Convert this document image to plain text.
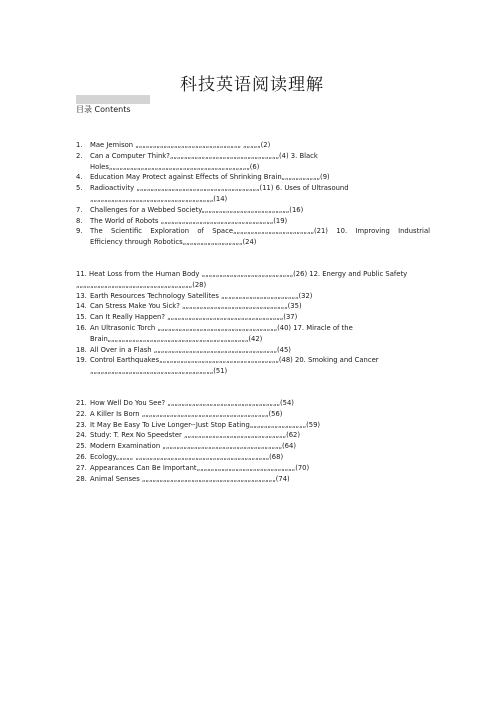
科技英语阅读理解
目录 Contents
1.	Mae Jemison „„„„„„„„„„„„„„„„„„„„„„„„„„„„„„ „„„„„(2)
2.	Can a Computer Think?„„„„„„„„„„„„„„„„„„„„„„„„„„„„„„„(4) 3. Black
Holes„„„„„„„„„„„„„„„„„„„„„„„„„„„„„„„„„„„„„„„„(6)
4.	Education May Protect against Effects of Shrinking Brain„„„„„„„„„„„(9)
5.	Radioactivity „„„„„„„„„„„„„„„„„„„„„„„„„„„„„„„„„„„(11) 6. Uses of Ultrasound
„„„„„„„„„„„„„„„„„„„„„„„„„„„„„„„„„„„(14)
7.	Challenges for a Webbed Society„„„„„„„„„„„„„„„„„„„„„„„„„(16)
8.	The World of Robots „„„„„„„„„„„„„„„„„„„„„„„„„„„„„„„„(19)
9.	The Scientific Exploration of Space„„„„„„„„„„„„„„„„„„„„„„„(21) 10. Improving Industrial
Efficiency through Robotics„„„„„„„„„„„„„„„„„(24)
11. Heat Loss from the Human Body „„„„„„„„„„„„„„„„„„„„„„„„„„(26) 12. Energy and Public Safety
„„„„„„„„„„„„„„„„„„„„„„„„„„„„„„„„„(28)
13. Earth Resources Technology Satellites „„„„„„„„„„„„„„„„„„„„„„(32)
14. Can Stress Make You Sick? „„„„„„„„„„„„„„„„„„„„„„„„„„„„„„(35)
15. Can It Really Happen? „„„„„„„„„„„„„„„„„„„„„„„„„„„„„„„„„(37)
16. An Ultrasonic Torch „„„„„„„„„„„„„„„„„„„„„„„„„„„„„„„„„„(40) 17. Miracle of the
Brain„„„„„„„„„„„„„„„„„„„„„„„„„„„„„„„„„„„„„„„„(42)
18. All Over in a Flash „„„„„„„„„„„„„„„„„„„„„„„„„„„„„„„„„„„(45)
19. Control Earthquakes„„„„„„„„„„„„„„„„„„„„„„„„„„„„„„„„„„(48) 20. Smoking and Cancer
„„„„„„„„„„„„„„„„„„„„„„„„„„„„„„„„„„„(51)
21. How Well Do You See? „„„„„„„„„„„„„„„„„„„„„„„„„„„„„„„„(54)
22. A Killer Is Born „„„„„„„„„„„„„„„„„„„„„„„„„„„„„„„„„„„„(56)
23. It May Be Easy To Live Longer--Just Stop Eating„„„„„„„„„„„„„„„„(59)
24. Study: T. Rex No Speedster „„„„„„„„„„„„„„„„„„„„„„„„„„„„„(62)
25. Modern Examination „„„„„„„„„„„„„„„„„„„„„„„„„„„„„„„„„„(64)
26. Ecology„„„„„ „„„„„„„„„„„„„„„„„„„„„„„„„„„„„„„„„„„„„„(68)
27. Appearances Can Be Important„„„„„„„„„„„„„„„„„„„„„„„„„„„„(70)
28. Animal Senses „„„„„„„„„„„„„„„„„„„„„„„„„„„„„„„„„„„„„„(74)
